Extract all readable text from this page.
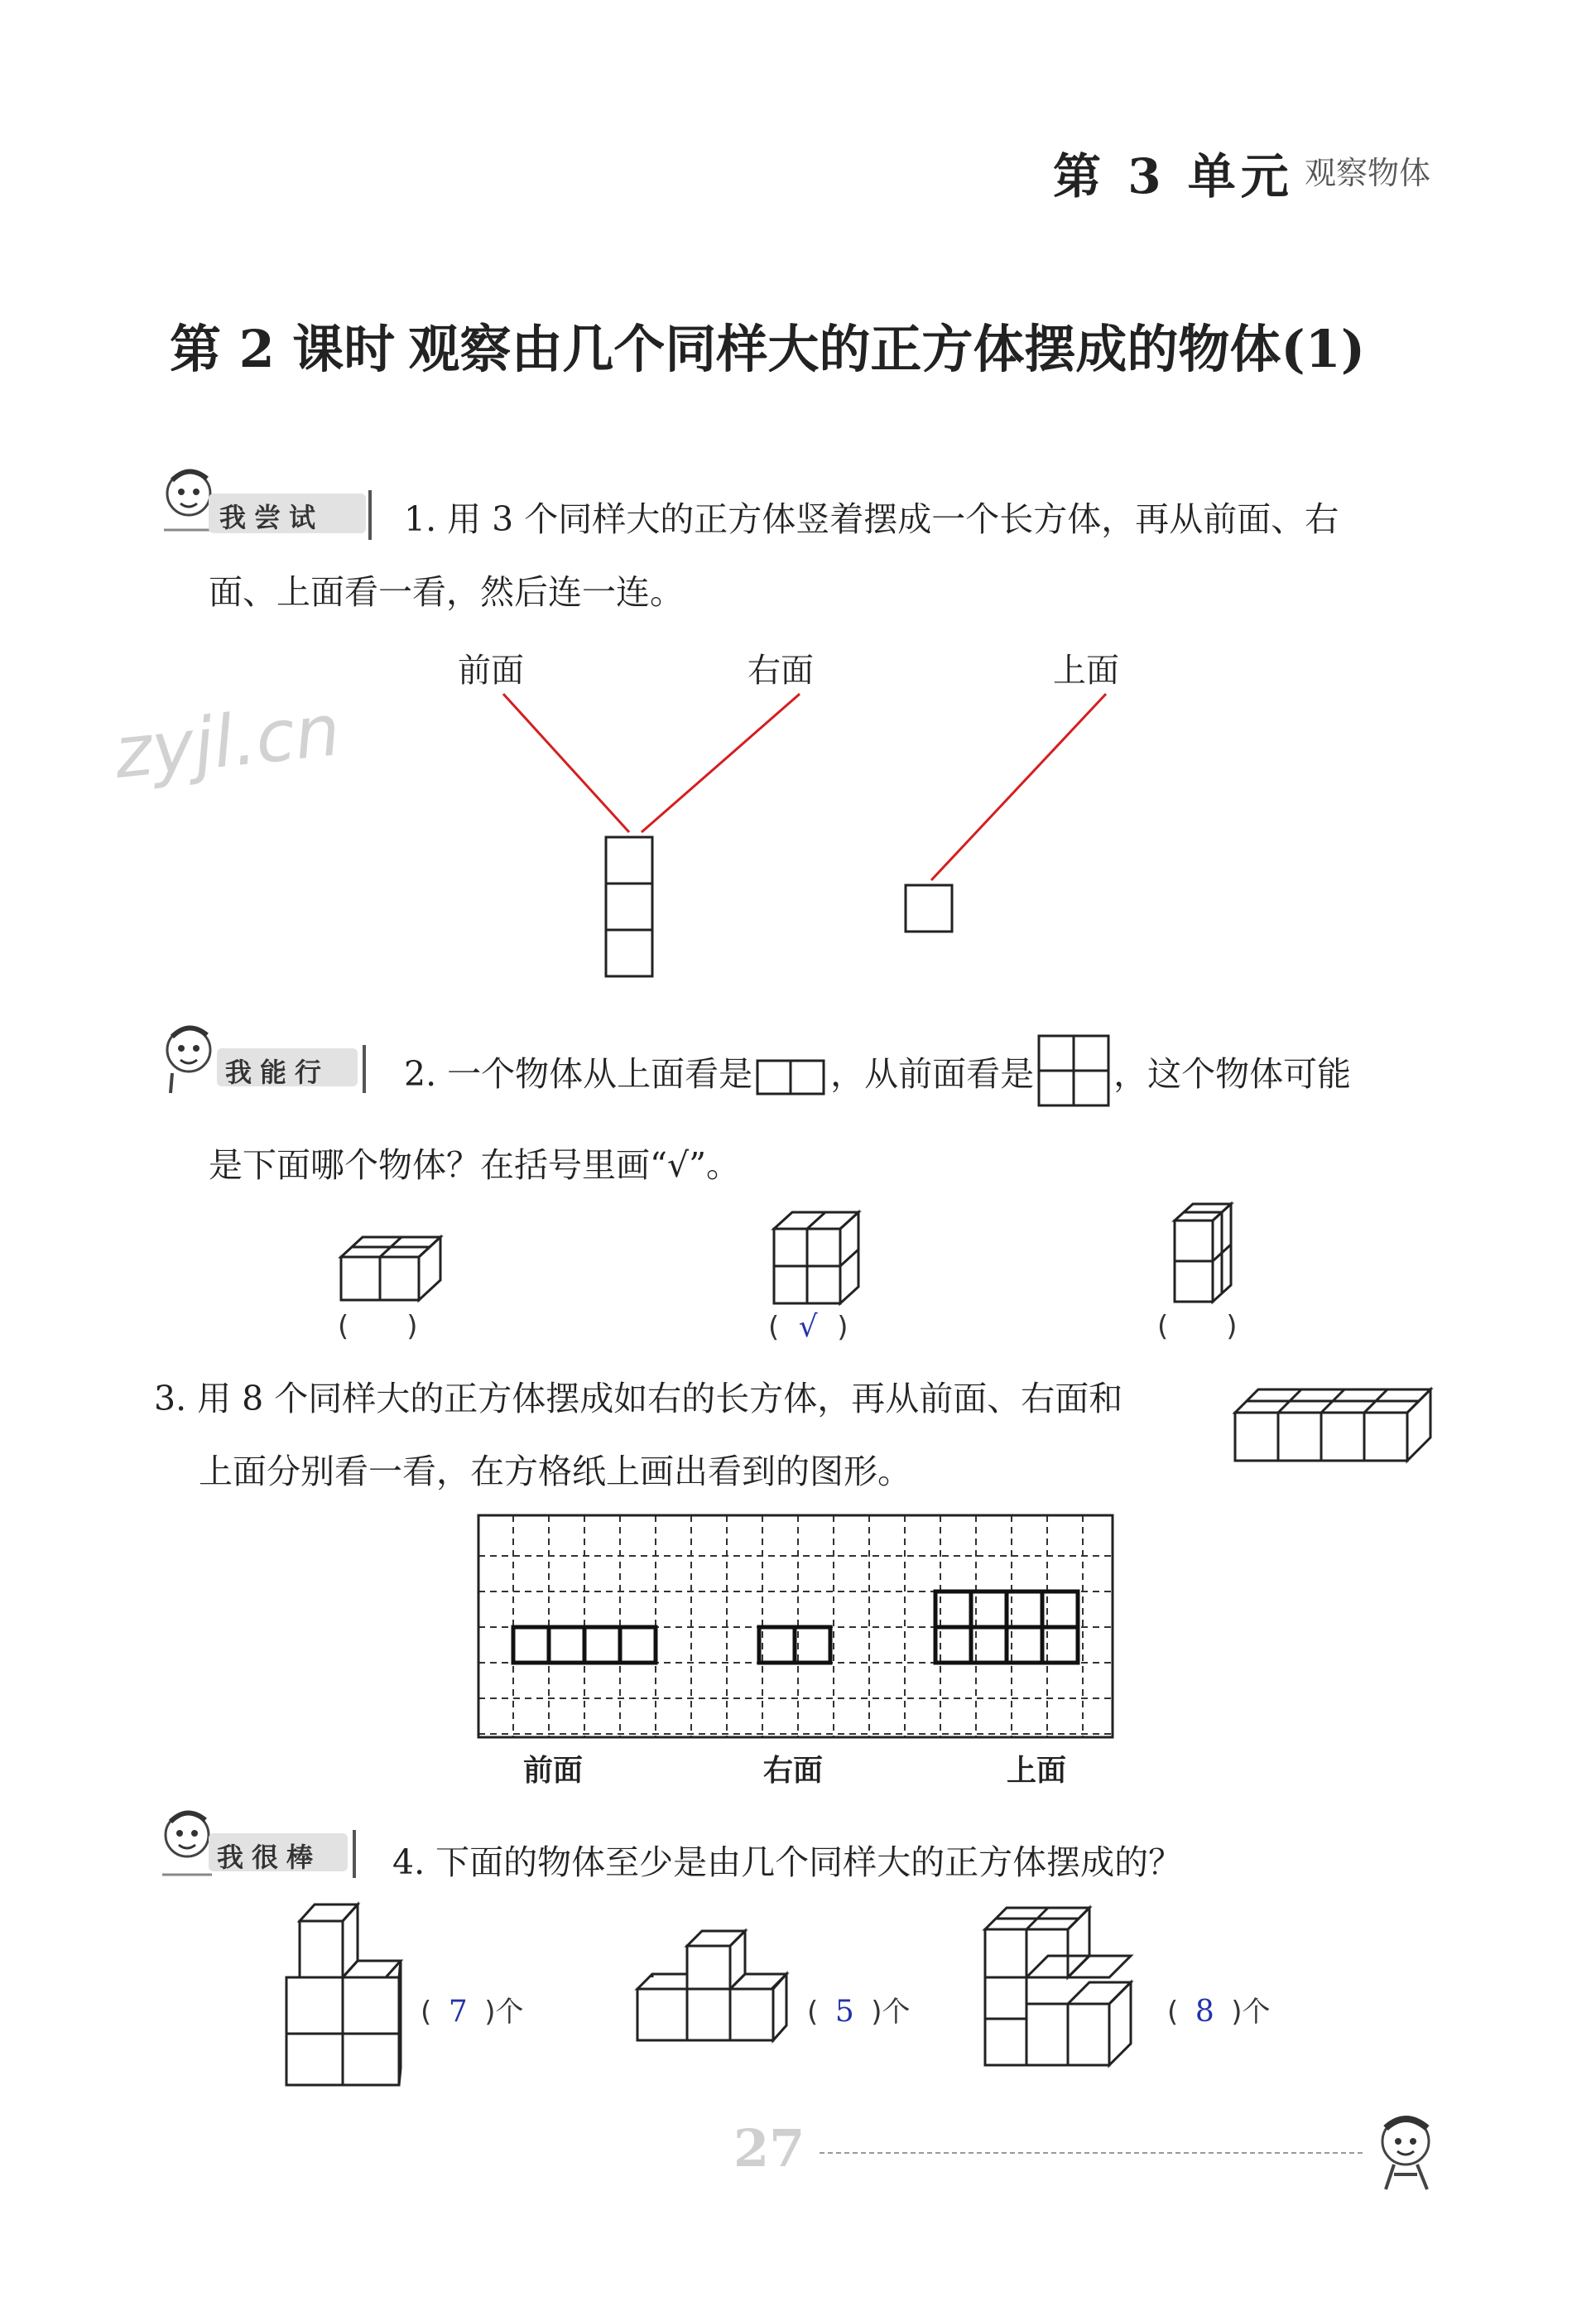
第 3 单元 观察物体
第 2 课时 观察由几个同样大的正方体摆成的物体(1)
zyjl.cn
我尝试 1. 用 3 个同样大的正方体竖着摆成一个长方体，再从前面、右
面、上面看一看，然后连一连。
前面	右面	上面
我能行 2. 一个物体从上面看是 ，从前面看是 ，这个物体可能
是下面哪个物体？在括号里画“√”。
( )	( √ )	( )
3. 用 8 个同样大的正方体摆成如右的长方体，再从前面、右面和
上面分别看一看，在方格纸上画出看到的图形。
前面	右面	上面
我很棒 4. 下面的物体至少是由几个同样大的正方体摆成的？
( 7 )个	( 5 )个	( 8 )个
27
